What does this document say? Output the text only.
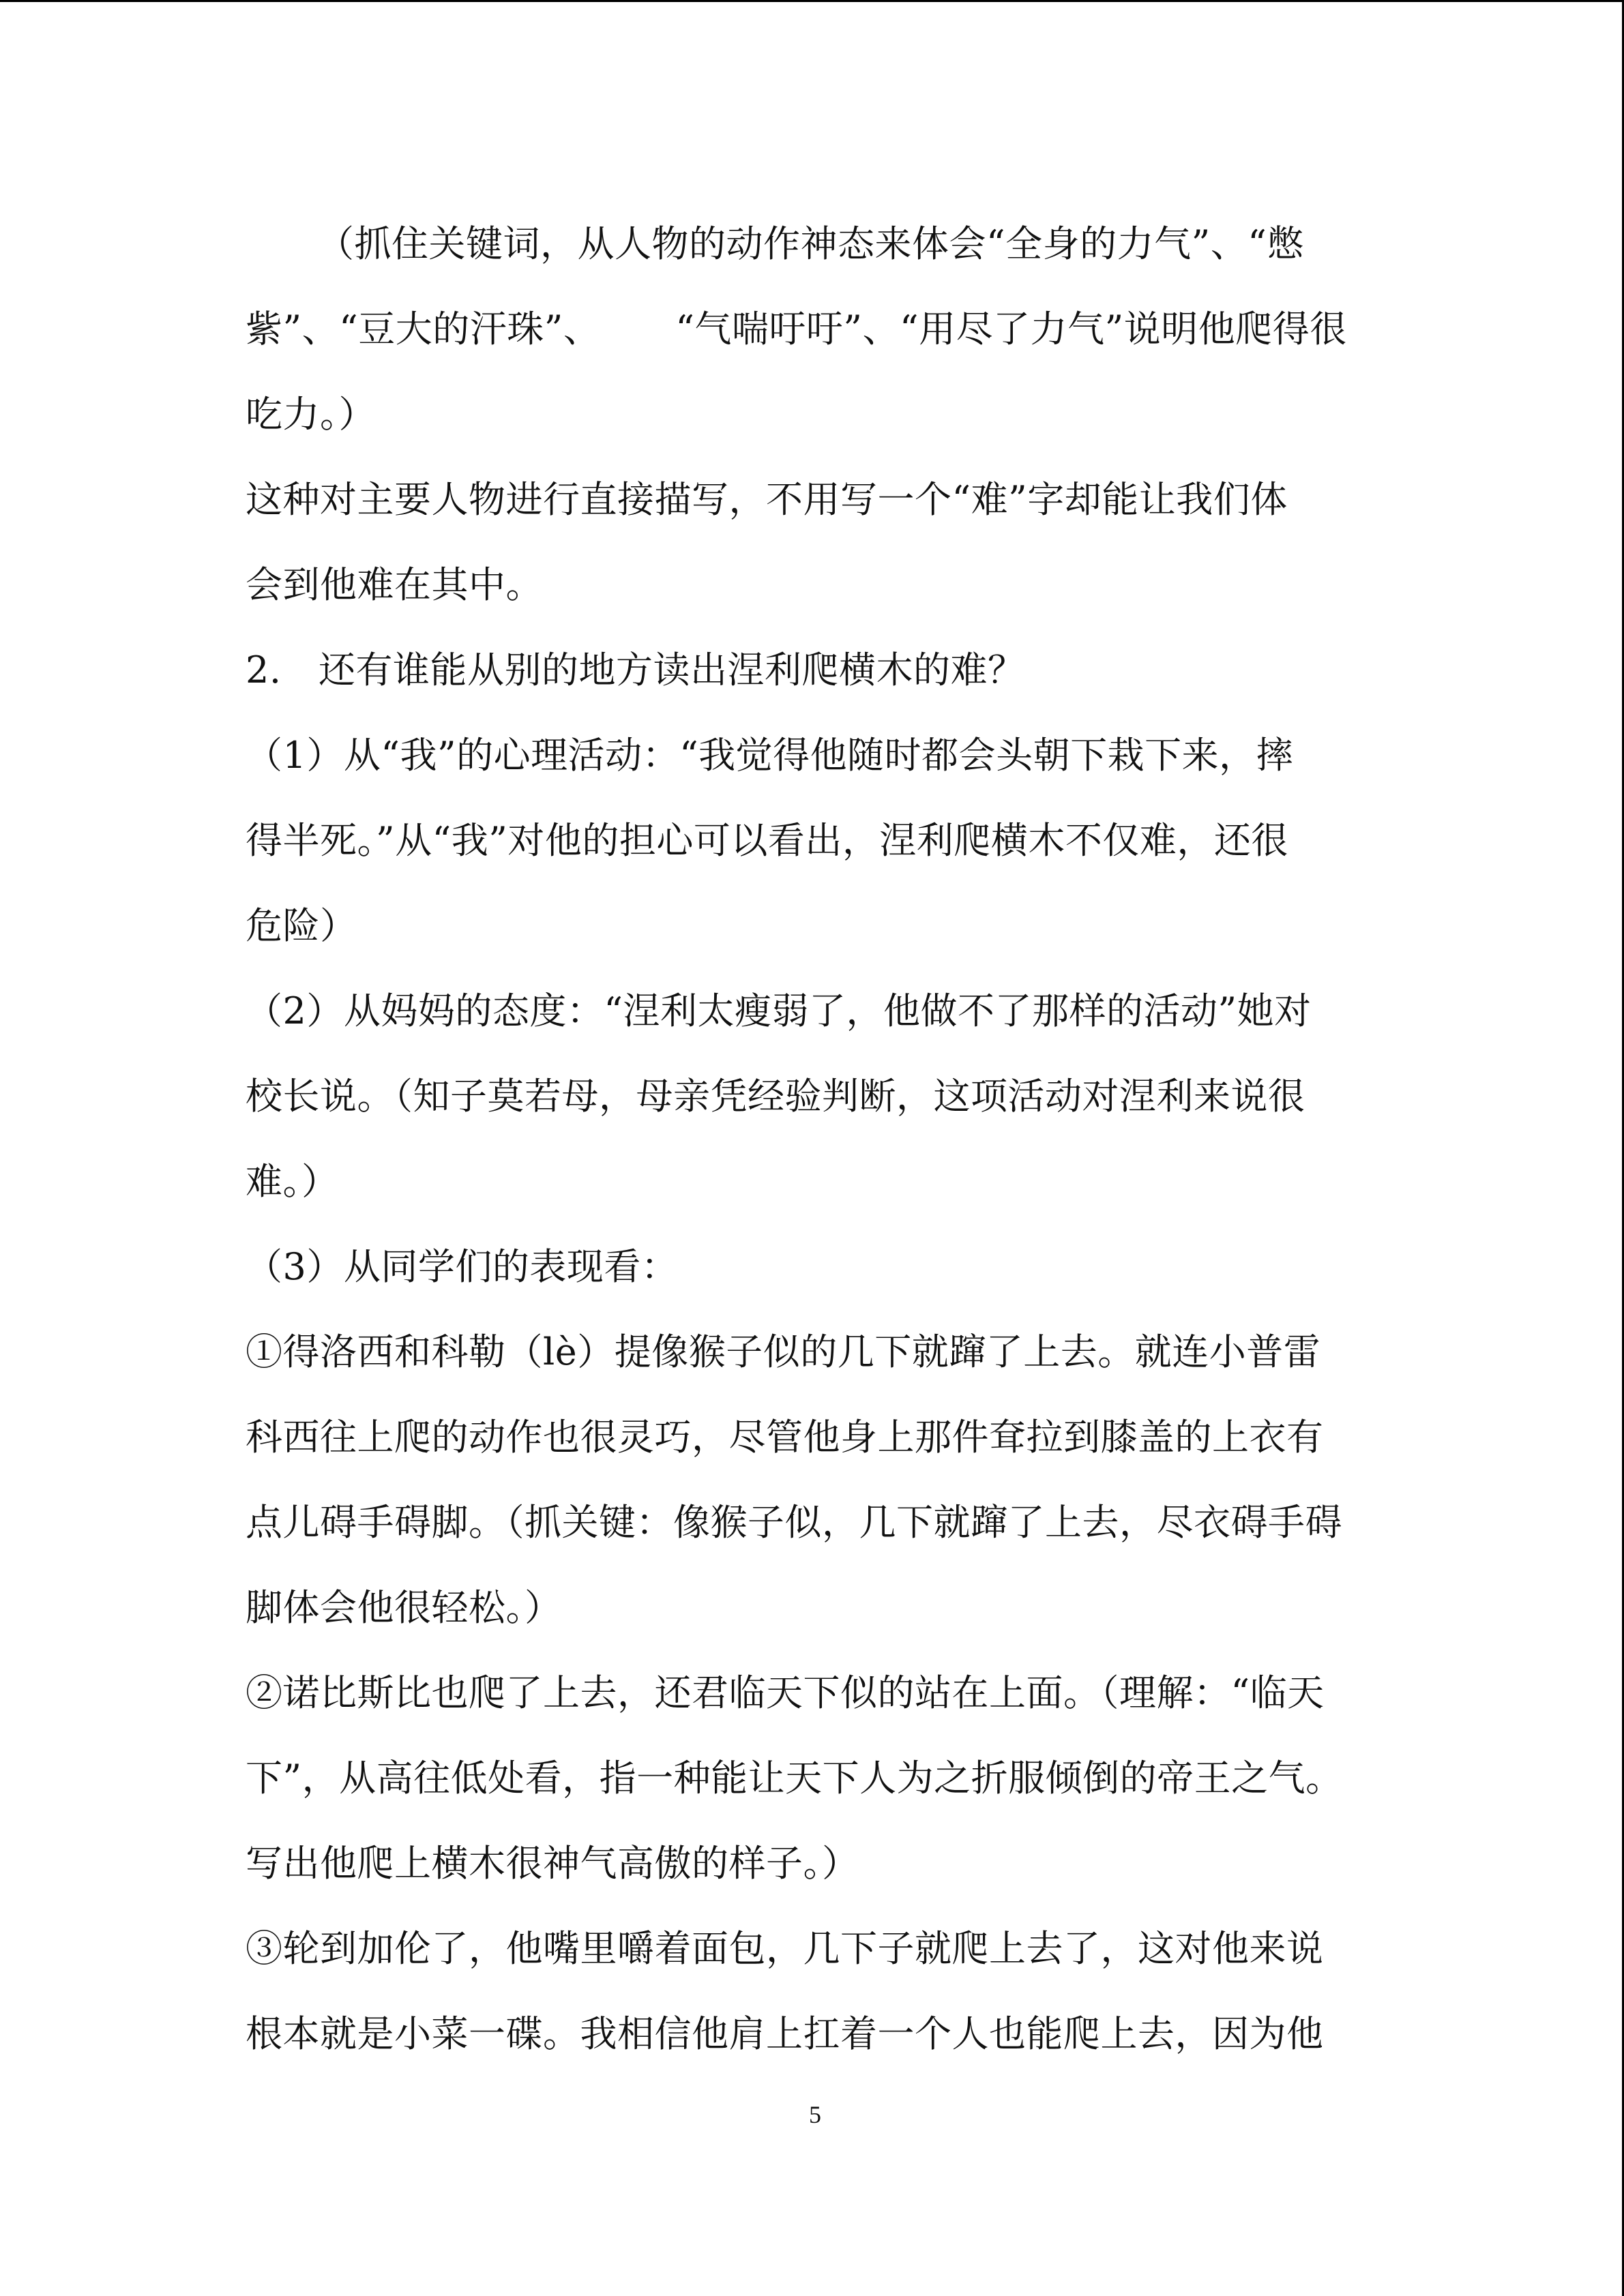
（抓住关键词，从人物的动作神态来体会“全身的力气”、“憋
紫”、“豆大的汗珠”、 “气喘吁吁”、“用尽了力气”说明他爬得很
吃力。）
这种对主要人物进行直接描写，不用写一个“难”字却能让我们体
会到他难在其中。
2.　还有谁能从别的地方读出涅利爬横木的难？
（1）从“我”的心理活动：“我觉得他随时都会头朝下栽下来，摔
得半死。”从“我”对他的担心可以看出，涅利爬横木不仅难，还很
危险）
（2）从妈妈的态度：“涅利太瘦弱了，他做不了那样的活动”她对
校长说。（知子莫若母，母亲凭经验判断，这项活动对涅利来说很
难。）
（3）从同学们的表现看：
①得洛西和科勒（lè）提像猴子似的几下就蹿了上去。就连小普雷
科西往上爬的动作也很灵巧，尽管他身上那件耷拉到膝盖的上衣有
点儿碍手碍脚。（抓关键：像猴子似，几下就蹿了上去，尽衣碍手碍
脚体会他很轻松。）
②诺比斯比也爬了上去，还君临天下似的站在上面。（理解：“临天
下”，从高往低处看，指一种能让天下人为之折服倾倒的帝王之气。
写出他爬上横木很神气高傲的样子。）
③轮到加伦了，他嘴里嚼着面包，几下子就爬上去了，这对他来说
根本就是小菜一碟。我相信他肩上扛着一个人也能爬上去，因为他
5
